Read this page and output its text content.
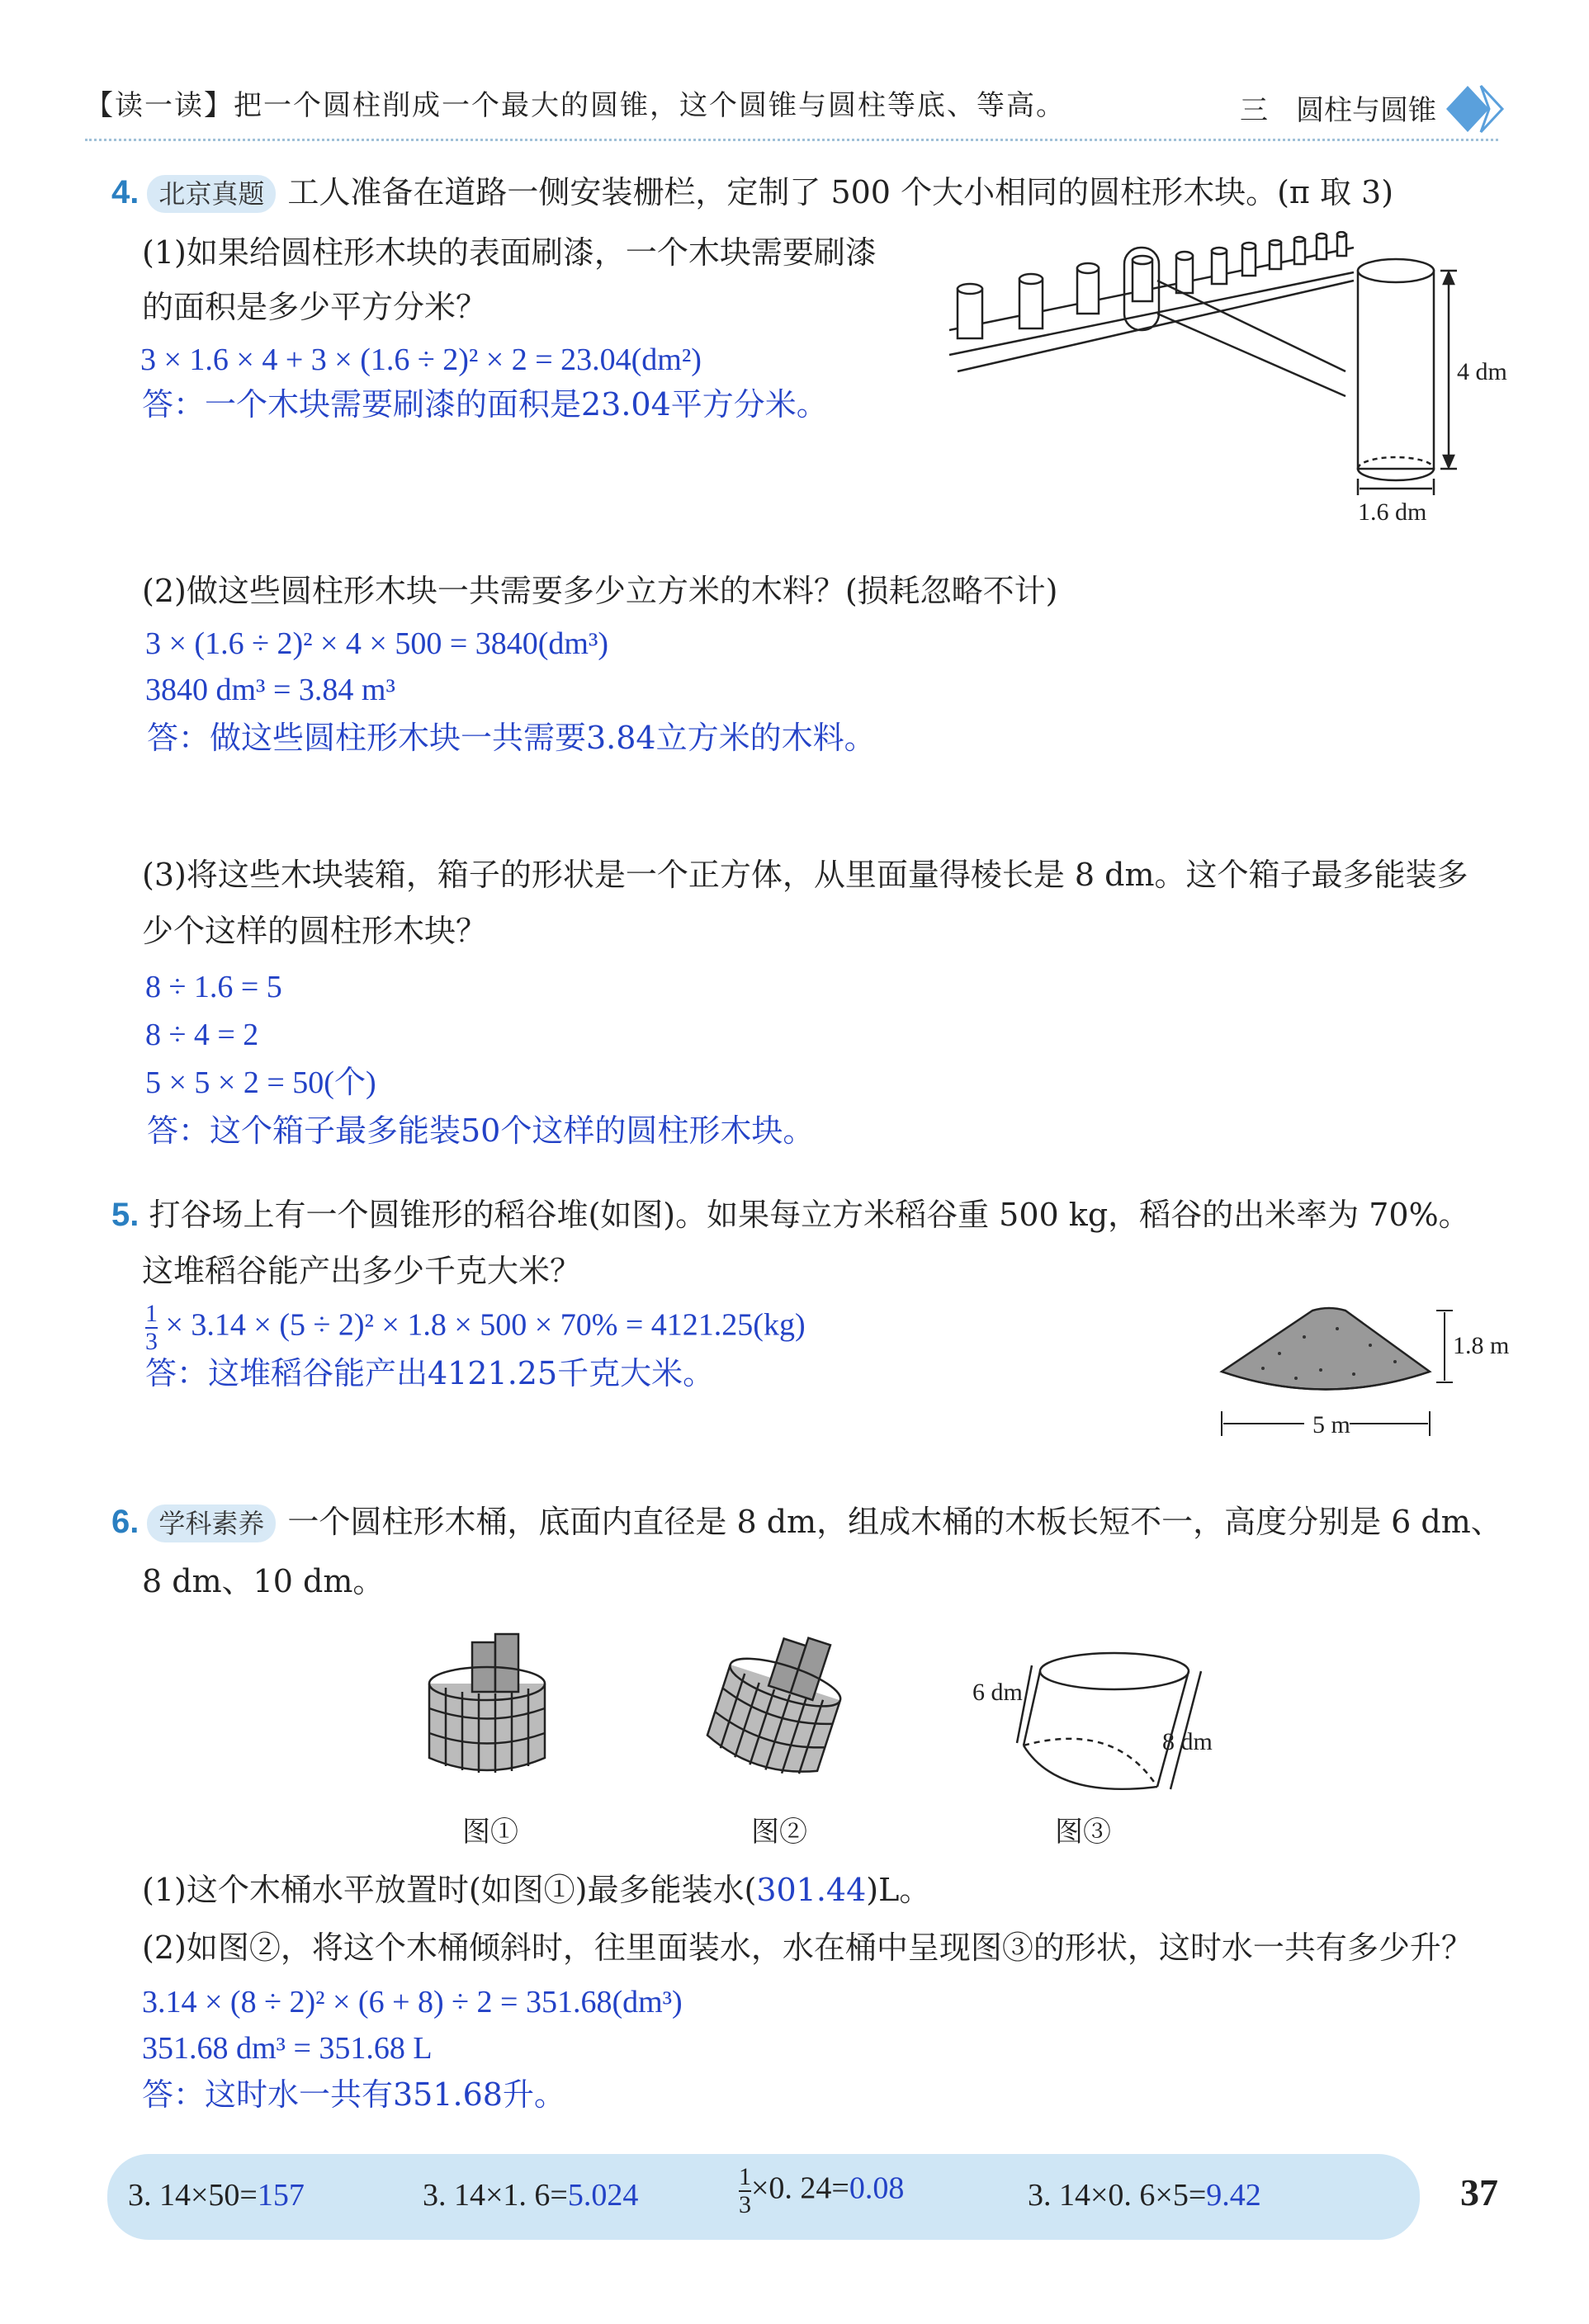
【读一读】把一个圆柱削成一个最大的圆锥，这个圆锥与圆柱等底、等高。	三　圆柱与圆锥
4. 北京真题 工人准备在道路一侧安装栅栏，定制了 500 个大小相同的圆柱形木块。(π 取 3)
(1)如果给圆柱形木块的表面刷漆，一个木块需要刷漆
的面积是多少平方分米？
3 × 1.6 × 4 + 3 × (1.6 ÷ 2)² × 2 = 23.04(dm²)
答：一个木块需要刷漆的面积是23.04平方分米。
4 dm
1.6 dm
(2)做这些圆柱形木块一共需要多少立方米的木料？(损耗忽略不计)
3 × (1.6 ÷ 2)² × 4 × 500 = 3840(dm³)
3840 dm³ = 3.84 m³
答：做这些圆柱形木块一共需要3.84立方米的木料。
(3)将这些木块装箱，箱子的形状是一个正方体，从里面量得棱长是 8 dm。这个箱子最多能装多
少个这样的圆柱形木块？
8 ÷ 1.6 = 5
8 ÷ 4 = 2
5 × 5 × 2 = 50(个)
答：这个箱子最多能装50个这样的圆柱形木块。
5. 打谷场上有一个圆锥形的稻谷堆(如图)。如果每立方米稻谷重 500 kg，稻谷的出米率为 70%。
这堆稻谷能产出多少千克大米？
$\frac{1}{3} \times 3.14 \times (5 \div 2)^2 \times 1.8 \times 500 \times 70\% = 4121.25(kg)$
答：这堆稻谷能产出4121.25千克大米。
1.8 m
5 m
6. 学科素养 一个圆柱形木桶，底面内直径是 8 dm，组成木桶的木板长短不一，高度分别是 6 dm、
8 dm、10 dm。
图①	图②
6 dm
8 dm
图③
(1)这个木桶水平放置时(如图①)最多能装水(301.44)L。
(2)如图②，将这个木桶倾斜时，往里面装水，水在桶中呈现图③的形状，这时水一共有多少升？
3.14 × (8 ÷ 2)² × (6 + 8) ÷ 2 = 351.68(dm³)
351.68 dm³ = 351.68 L
答：这时水一共有351.68升。
3. 14×50=157	3. 14×1. 6=5.024	$\frac{1}{3} \times 0$. 24=0.08	3. 14×0. 6×5=9.42	37
